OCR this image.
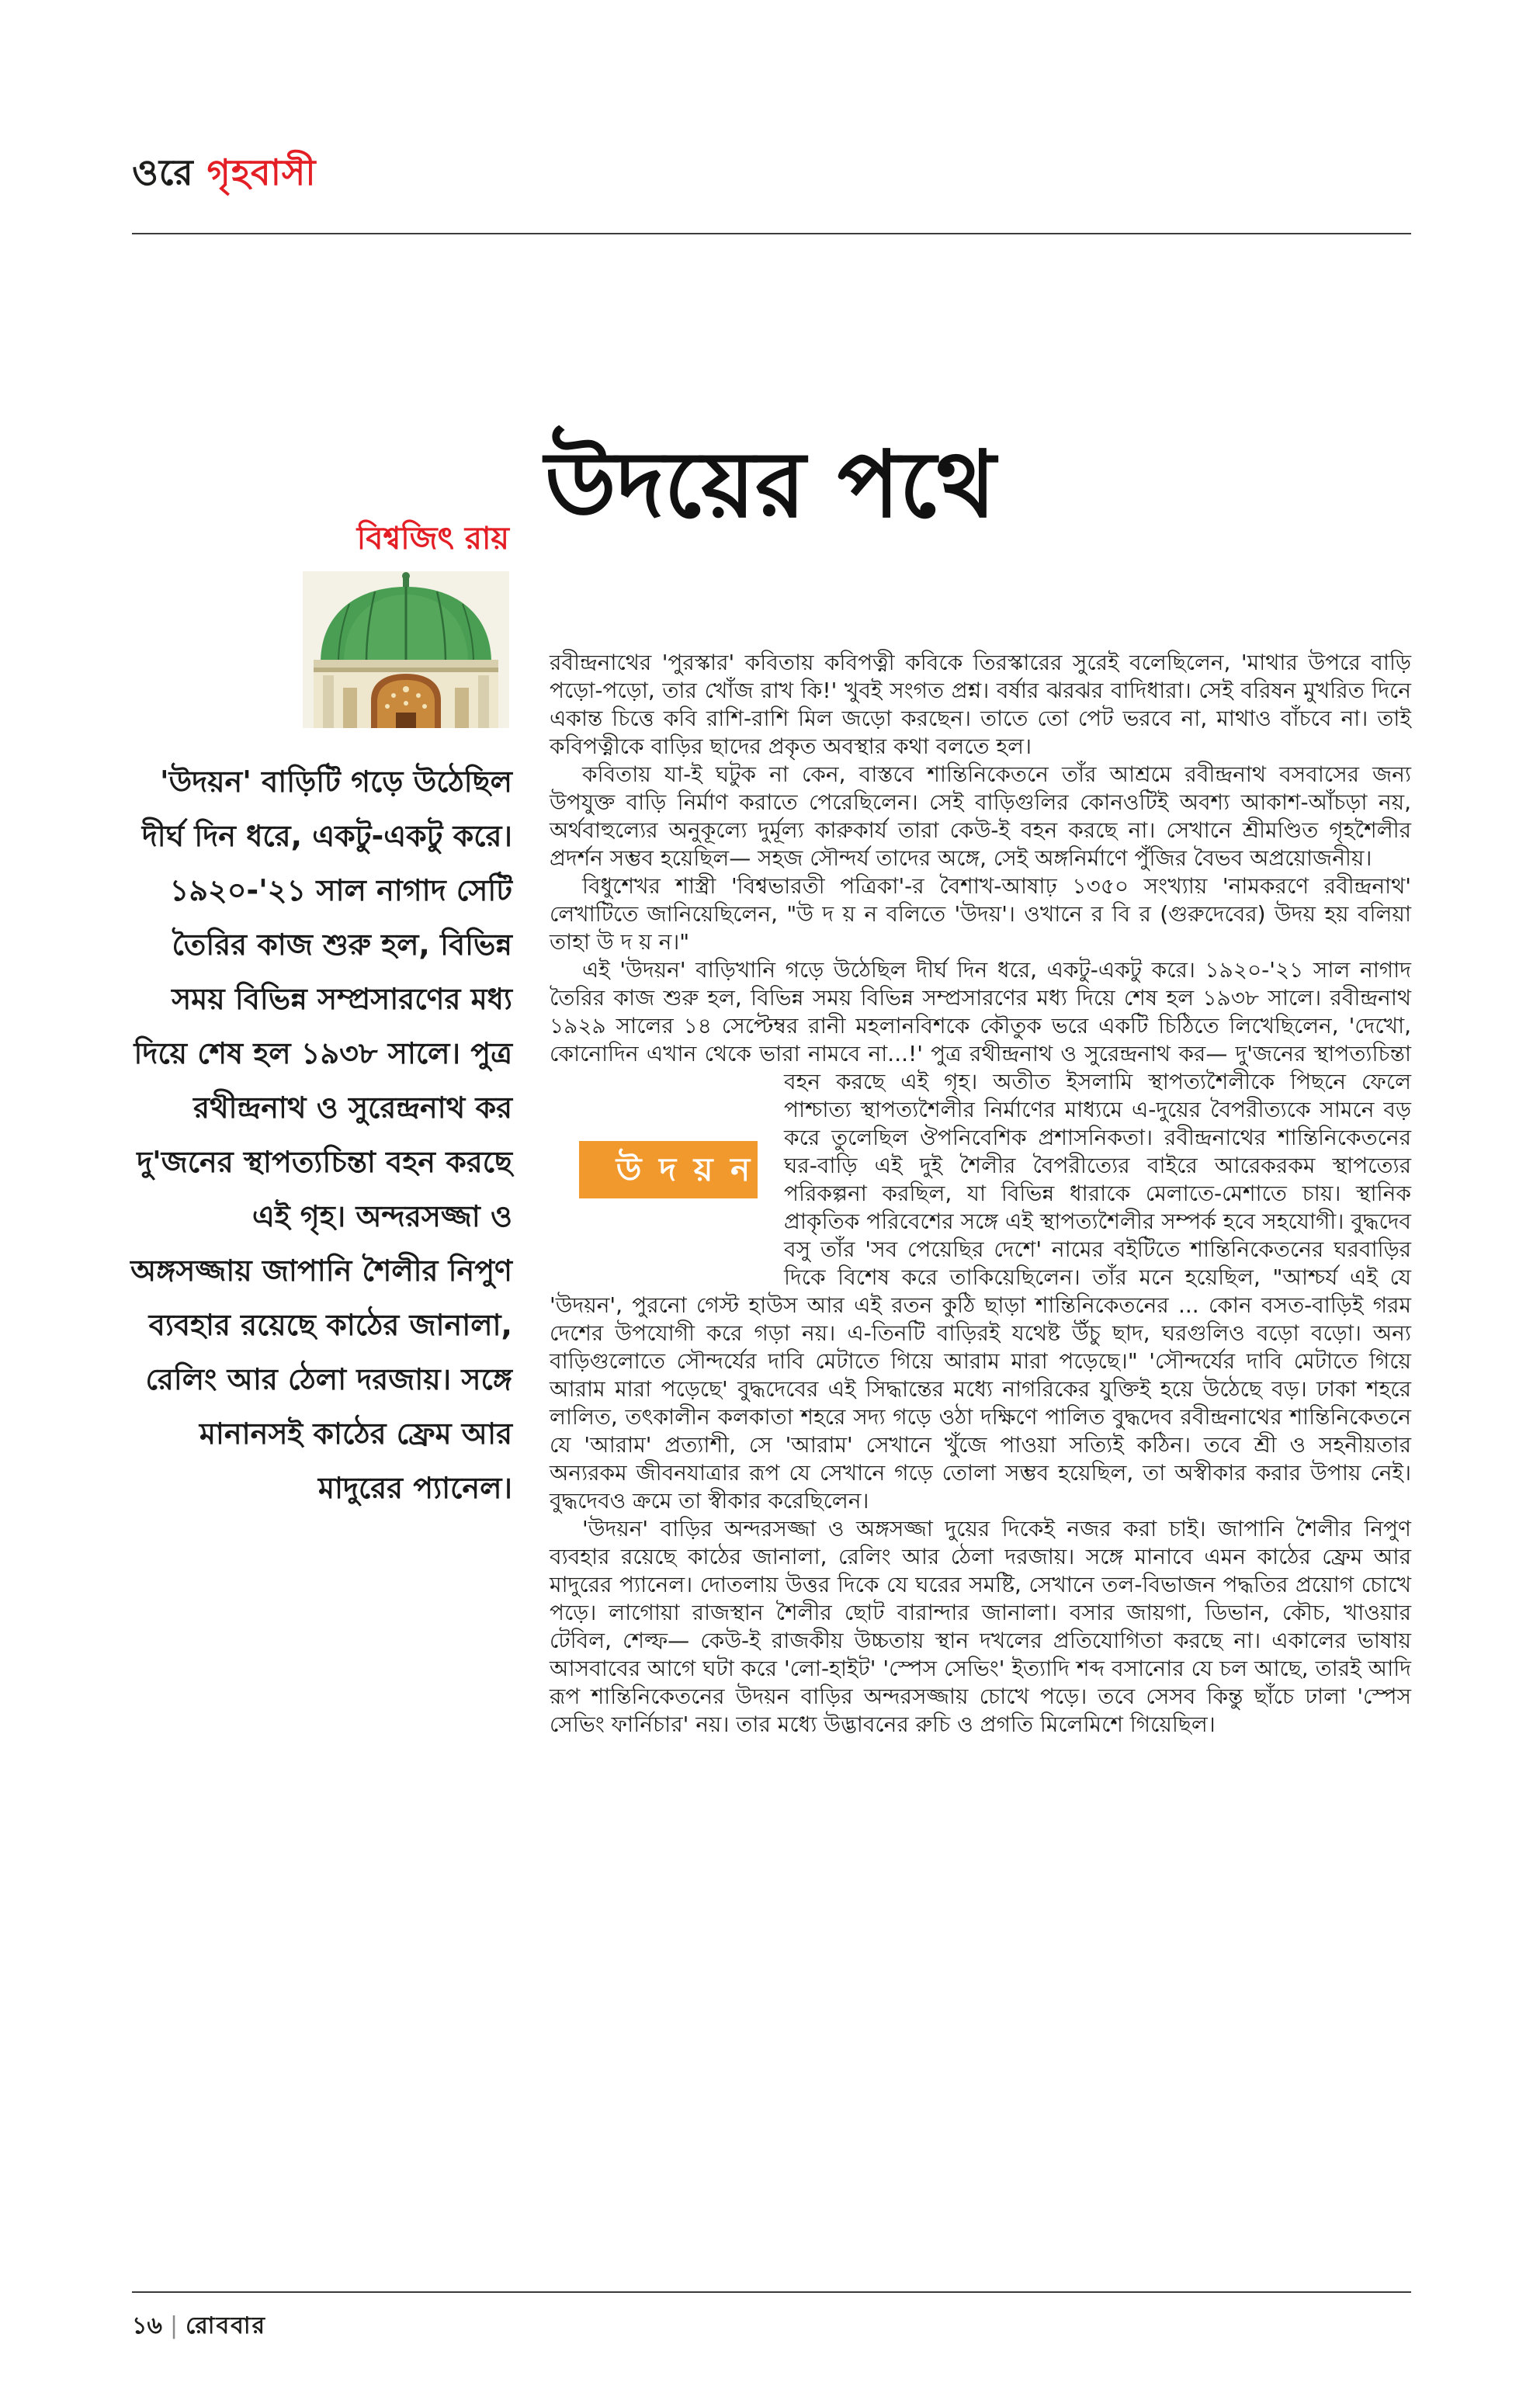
ওরে গৃহবাসী
বিশ্বজিৎ রায়
উদয়ের পথে
'উদয়ন' বাড়িটি গড়ে উঠেছিল দীর্ঘ দিন ধরে, একটু-একটু করে। ১৯২০-'২১ সাল নাগাদ সেটি তৈরির কাজ শুরু হল, বিভিন্ন সময় বিভিন্ন সম্প্রসারণের মধ্য দিয়ে শেষ হল ১৯৩৮ সালে। পুত্র রথীন্দ্রনাথ ও সুরেন্দ্রনাথ কর দু'জনের স্থাপত্যচিন্তা বহন করছে এই গৃহ। অন্দরসজ্জা ও অঙ্গসজ্জায় জাপানি শৈলীর নিপুণ ব্যবহার রয়েছে কাঠের জানালা, রেলিং আর ঠেলা দরজায়। সঙ্গে মানানসই কাঠের ফ্রেম আর মাদুরের প্যানেল।

রবীন্দ্রনাথের 'পুরস্কার' কবিতায় কবিপত্নী কবিকে তিরস্কারের সুরেই বলেছিলেন, 'মাথার উপরে বাড়ি পড়ো-পড়ো, তার খোঁজ রাখ কি!' খুবই সংগত প্রশ্ন। বর্ষার ঝরঝর বাদিধারা। সেই বরিষন মুখরিত দিনে একান্ত চিত্তে কবি রাশি-রাশি মিল জড়ো করছেন। তাতে তো পেট ভরবে না, মাথাও বাঁচবে না। তাই কবিপত্নীকে বাড়ির ছাদের প্রকৃত অবস্থার কথা বলতে হল।

কবিতায় যা-ই ঘটুক না কেন, বাস্তবে শান্তিনিকেতনে তাঁর আশ্রমে রবীন্দ্রনাথ বসবাসের জন্য উপযুক্ত বাড়ি নির্মাণ করাতে পেরেছিলেন। সেই বাড়িগুলির কোনওটিই অবশ্য আকাশ-আঁচড়া নয়, অর্থবাহুল্যের অনুকূল্যে দুর্মূল্য কারুকার্য তারা কেউ-ই বহন করছে না। সেখানে শ্রীমণ্ডিত গৃহশৈলীর প্রদর্শন সম্ভব হয়েছিল— সহজ সৌন্দর্য তাদের অঙ্গে, সেই অঙ্গনির্মাণে পুঁজির বৈভব অপ্রয়োজনীয়।

বিধুশেখর শাস্ত্রী 'বিশ্বভারতী পত্রিকা'-র বৈশাখ-আষাঢ় ১৩৫০ সংখ্যায় 'নামকরণে রবীন্দ্রনাথ' লেখাটিতে জানিয়েছিলেন, "উ দ য় ন বলিতে 'উদয়'। ওখানে র বি র (গুরুদেবের) উদয় হয় বলিয়া তাহা উ দ য় ন।"

এই 'উদয়ন' বাড়িখানি গড়ে উঠেছিল দীর্ঘ দিন ধরে, একটু-একটু করে। ১৯২০-'২১ সাল নাগাদ তৈরির কাজ শুরু হল, বিভিন্ন সময় বিভিন্ন সম্প্রসারণের মধ্য দিয়ে শেষ হল ১৯৩৮ সালে। রবীন্দ্রনাথ ১৯২৯ সালের ১৪ সেপ্টেম্বর রানী মহলানবিশকে কৌতুক ভরে একটি চিঠিতে লিখেছিলেন, 'দেখো, কোনোদিন এখান থেকে ভারা নামবে না...!' পুত্র রথীন্দ্রনাথ ও সুরেন্দ্রনাথ কর— দু'জনের স্থাপত্যচিন্তা বহন করছে এই গৃহ। অতীত
উ দ য় ন
ইসলামি স্থাপত্যশৈলীকে পিছনে ফেলে পাশ্চাত্য স্থাপত্যশৈলীর নির্মাণের মাধ্যমে এ-দুয়ের বৈপরীত্যকে সামনে বড় করে তুলেছিল ঔপনিবেশিক প্রশাসনিকতা। রবীন্দ্রনাথের শান্তিনিকেতনের ঘর-বাড়ি এই দুই শৈলীর বৈপরীত্যের বাইরে আরেকরকম স্থাপত্যের পরিকল্পনা করছিল, যা বিভিন্ন ধারাকে মেলাতে-মেশাতে চায়। স্থানিক প্রাকৃতিক পরিবেশের সঙ্গে এই স্থাপত্যশৈলীর সম্পর্ক হবে সহযোগী। বুদ্ধদেব বসু তাঁর 'সব পেয়েছির দেশে' নামের বইটিতে শান্তিনিকেতনের ঘরবাড়ির দিকে বিশেষ করে তাকিয়েছিলেন। তাঁর মনে হয়েছিল, "আশ্চর্য এই যে 'উদয়ন', পুরনো গেস্ট হাউস আর এই রতন কুঠি ছাড়া শান্তিনিকেতনের ... কোন বসত-বাড়িই গরম দেশের উপযোগী করে গড়া নয়। এ-তিনটি বাড়িরই যথেষ্ট উঁচু ছাদ, ঘরগুলিও বড়ো বড়ো। অন্য বাড়িগুলোতে সৌন্দর্যের দাবি মেটাতে গিয়ে আরাম মারা পড়েছে।" 'সৌন্দর্যের দাবি মেটাতে গিয়ে আরাম মারা পড়েছে' বুদ্ধদেবের এই সিদ্ধান্তের মধ্যে নাগরিকের যুক্তিই হয়ে উঠেছে বড়। ঢাকা শহরে লালিত, তৎকালীন কলকাতা শহরে সদ্য গড়ে ওঠা দক্ষিণে পালিত বুদ্ধদেব রবীন্দ্রনাথের শান্তিনিকেতনে যে 'আরাম' প্রত্যাশী, সে 'আরাম' সেখানে খুঁজে পাওয়া সত্যিই কঠিন। তবে শ্রী ও সহনীয়তার অন্যরকম জীবনযাত্রার রূপ যে সেখানে গড়ে তোলা সম্ভব হয়েছিল, তা অস্বীকার করার উপায় নেই। বুদ্ধদেবও ক্রমে তা স্বীকার করেছিলেন।

'উদয়ন' বাড়ির অন্দরসজ্জা ও অঙ্গসজ্জা দুয়ের দিকেই নজর করা চাই। জাপানি শৈলীর নিপুণ ব্যবহার রয়েছে কাঠের জানালা, রেলিং আর ঠেলা দরজায়। সঙ্গে মানাবে এমন কাঠের ফ্রেম আর মাদুরের প্যানেল। দোতলায় উত্তর দিকে যে ঘরের সমষ্টি, সেখানে তল-বিভাজন পদ্ধতির প্রয়োগ চোখে পড়ে। লাগোয়া রাজস্থান শৈলীর ছোট বারান্দার জানালা। বসার জায়গা, ডিভান, কৌচ, খাওয়ার টেবিল, শেল্ফ— কেউ-ই রাজকীয় উচ্চতায় স্থান দখলের প্রতিযোগিতা করছে না। একালের ভাষায় আসবাবের আগে ঘটা করে 'লো-হাইট' 'স্পেস সেভিং' ইত্যাদি শব্দ বসানোর যে চল আছে, তারই আদি রূপ শান্তিনিকেতনের উদয়ন বাড়ির অন্দরসজ্জায় চোখে পড়ে। তবে সেসব কিন্তু ছাঁচে ঢালা 'স্পেস সেভিং ফার্নিচার' নয়। তার মধ্যে উদ্ভাবনের রুচি ও প্রগতি মিলেমিশে গিয়েছিল।

১৬ | রোববার
